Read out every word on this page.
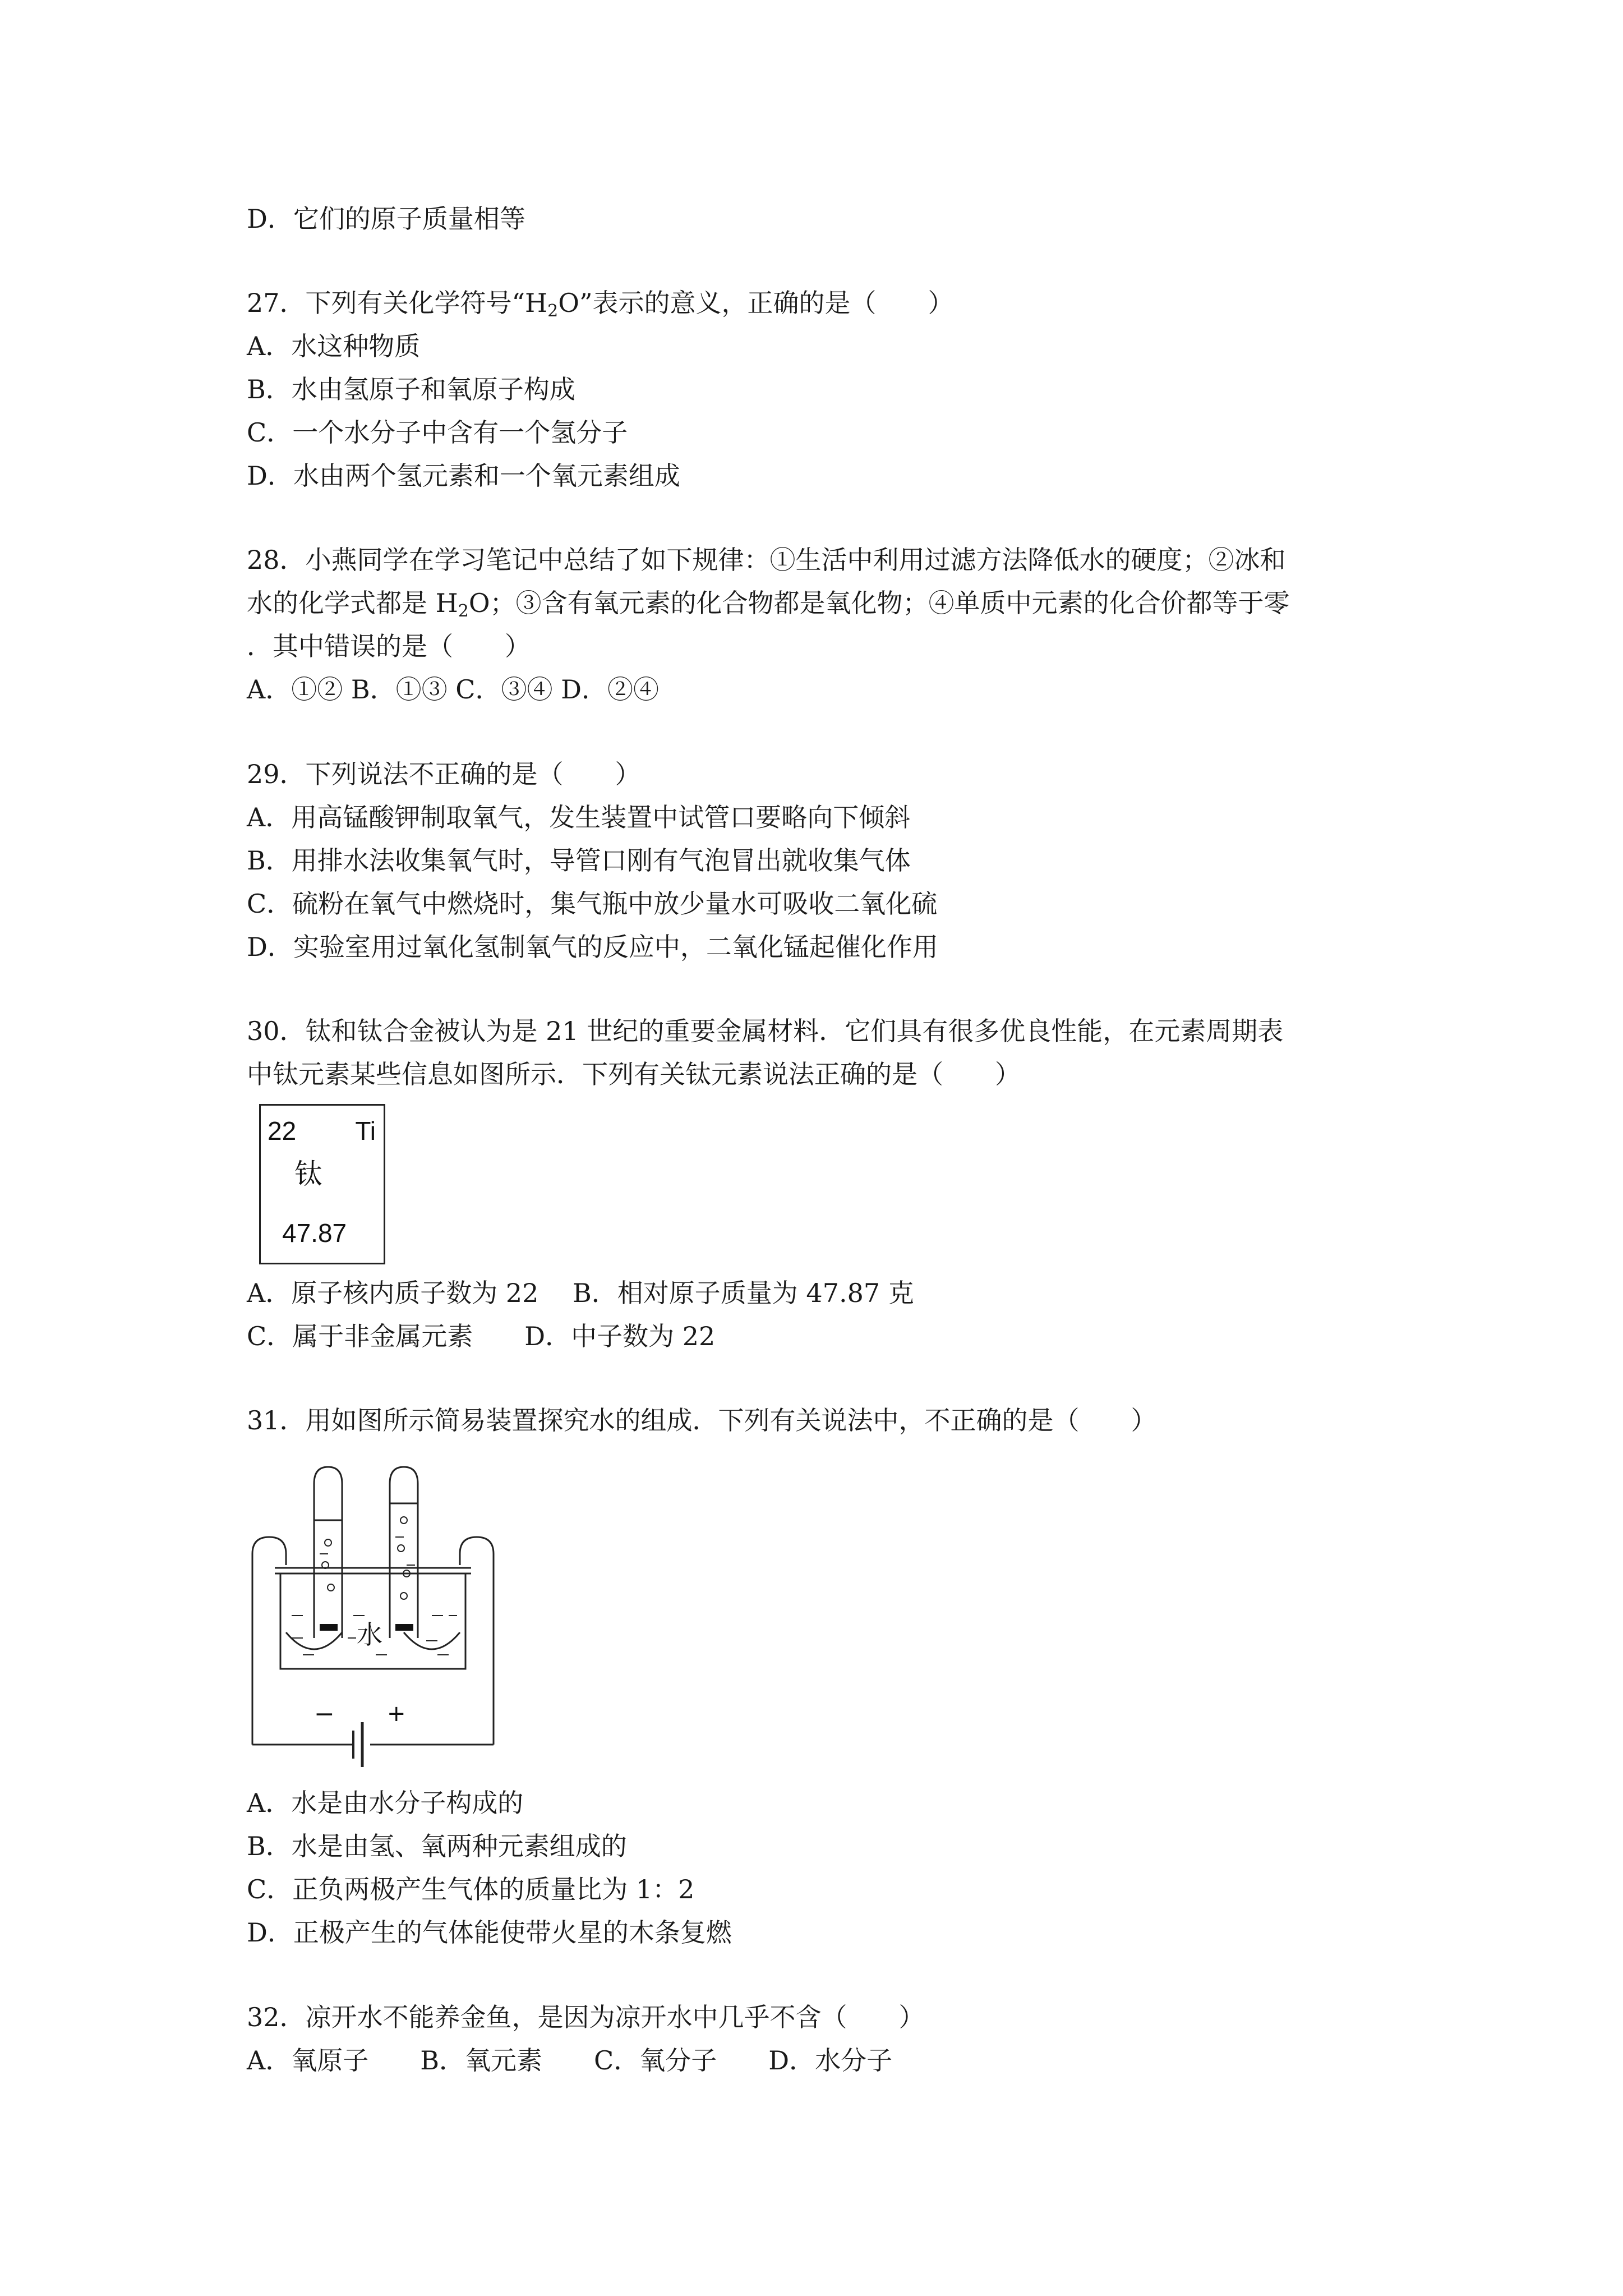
D．它们的原子质量相等
27．下列有关化学符号“$H_2O$”表示的意义，正确的是（　　）
A．水这种物质
B．水由氢原子和氧原子构成
C．一个水分子中含有一个氢分子
D．水由两个氢元素和一个氧元素组成
28．小燕同学在学习笔记中总结了如下规律：①生活中利用过滤方法降低水的硬度；②冰和
水的化学式都是 $H_2O$；③含有氧元素的化合物都是氧化物；④单质中元素的化合价都等于零
．其中错误的是（　　）
A．①② B．①③ C．③④ D．②④
29．下列说法不正确的是（　　）
A．用高锰酸钾制取氧气，发生装置中试管口要略向下倾斜
B．用排水法收集氧气时，导管口刚有气泡冒出就收集气体
C．硫粉在氧气中燃烧时，集气瓶中放少量水可吸收二氧化硫
D．实验室用过氧化氢制氧气的反应中，二氧化锰起催化作用
30．钛和钛合金被认为是 21 世纪的重要金属材料．它们具有很多优良性能，在元素周期表
中钛元素某些信息如图所示．下列有关钛元素说法正确的是（　　）
22 Ti
钛
47.87
A．原子核内质子数为 22　 B．相对原子质量为 47.87 克
C．属于非金属元素　　D．中子数为 22
31．用如图所示简易装置探究水的组成．下列有关说法中，不正确的是（　　）
水
− +
A．水是由水分子构成的
B．水是由氢、氧两种元素组成的
C．正负两极产生气体的质量比为 1：2
D．正极产生的气体能使带火星的木条复燃
32．凉开水不能养金鱼，是因为凉开水中几乎不含（　　）
A．氧原子　　B．氧元素　　C．氧分子　　D．水分子
